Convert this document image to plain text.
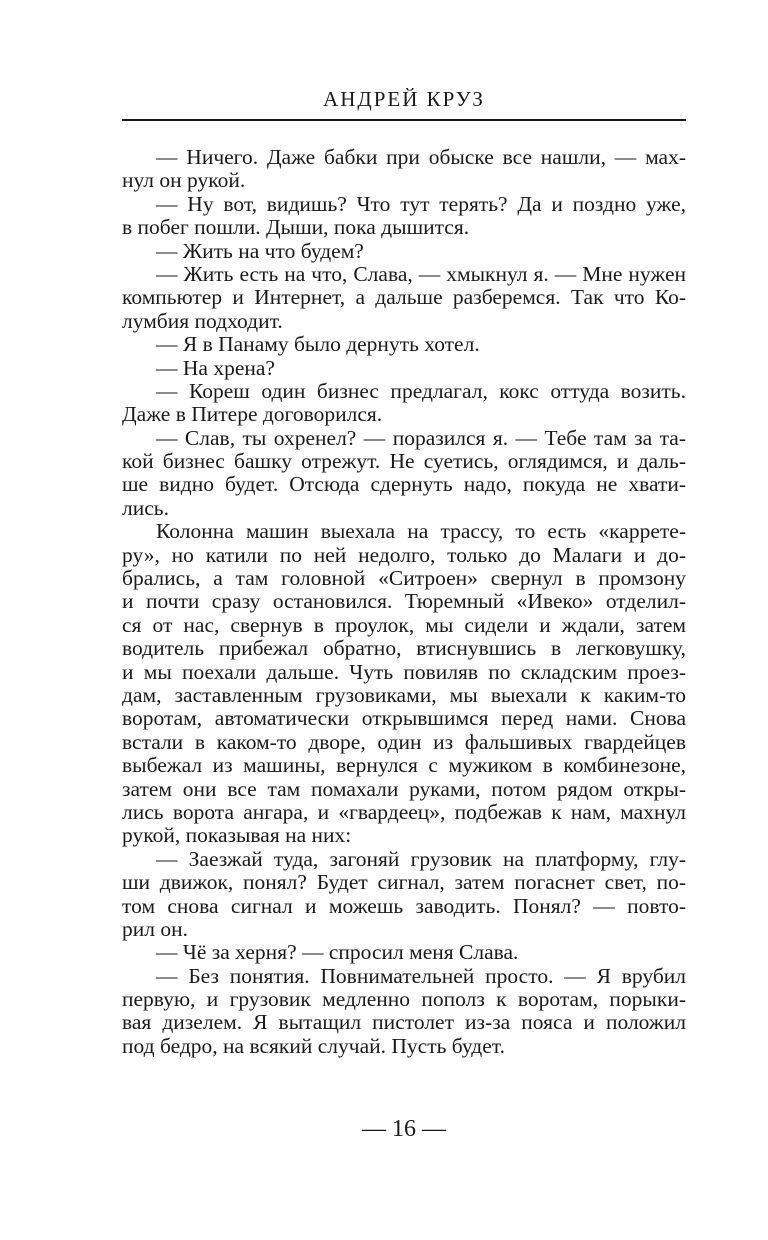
АНДРЕЙ КРУЗ
— Ничего. Даже бабки при обыске все нашли, — мах-
нул он рукой.
— Ну вот, видишь? Что тут терять? Да и поздно уже,
в побег пошли. Дыши, пока дышится.
— Жить на что будем?
— Жить есть на что, Слава, — хмыкнул я. — Мне нужен
компьютер и Интернет, а дальше разберемся. Так что Ко-
лумбия подходит.
— Я в Панаму было дернуть хотел.
— На хрена?
— Кореш один бизнес предлагал, кокс оттуда возить.
Даже в Питере договорился.
— Слав, ты охренел? — поразился я. — Тебе там за та-
кой бизнес башку отрежут. Не суетись, оглядимся, и даль-
ше видно будет. Отсюда сдернуть надо, покуда не хвати-
лись.
Колонна машин выехала на трассу, то есть «карретe-
ру», но катили по ней недолго, только до Малаги и до-
брались, а там головной «Ситроен» свернул в промзону
и почти сразу остановился. Тюремный «Ивеко» отделил-
ся от нас, свернув в проулок, мы сидели и ждали, затем
водитель прибежал обратно, втиснувшись в легковушку,
и мы поехали дальше. Чуть повиляв по складским проез-
дам, заставленным грузовиками, мы выехали к каким-то
воротам, автоматически открывшимся перед нами. Снова
встали в каком-то дворе, один из фальшивых гвардейцев
выбежал из машины, вернулся с мужиком в комбинезоне,
затем они все там помахали руками, потом рядом откры-
лись ворота ангара, и «гвардеец», подбежав к нам, махнул
рукой, показывая на них:
— Заезжай туда, загоняй грузовик на платформу, глу-
ши движок, понял? Будет сигнал, затем погаснет свет, по-
том снова сигнал и можешь заводить. Понял? — повто-
рил он.
— Чё за херня? — спросил меня Слава.
— Без понятия. Повнимательней просто. — Я врубил
первую, и грузовик медленно пополз к воротам, порыки-
вая дизелем. Я вытащил пистолет из-за пояса и положил
под бедро, на всякий случай. Пусть будет.
— 16 —
